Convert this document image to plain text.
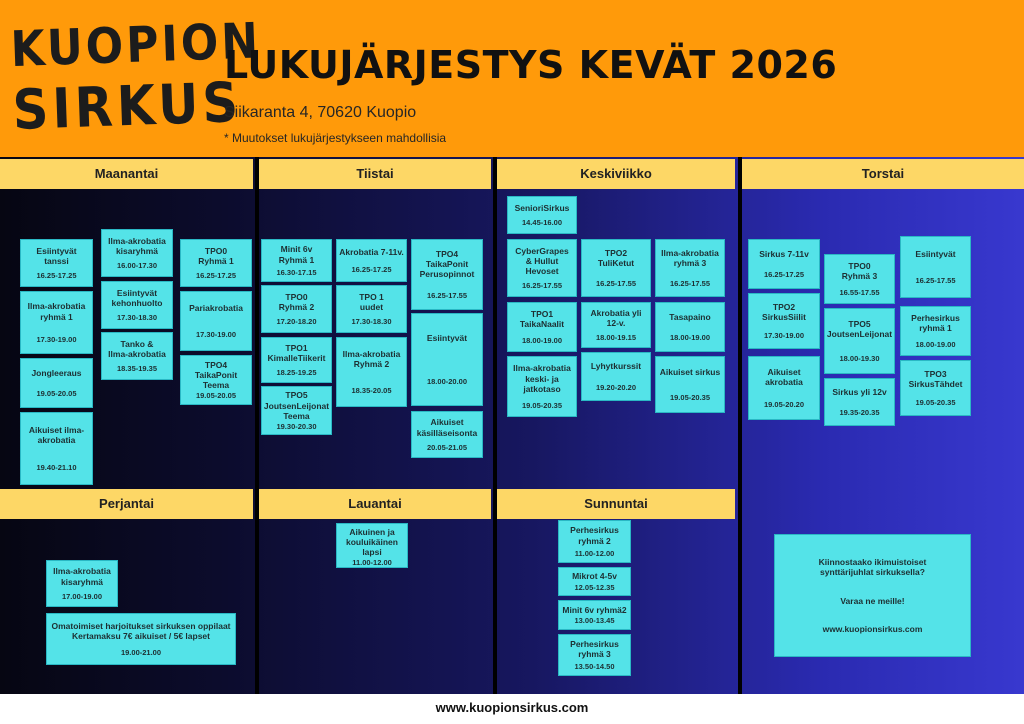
KUOPION
SIRKUS
LUKUJÄRJESTYS KEVÄT 2026
Siikaranta 4, 70620 Kuopio
* Muutokset lukujärjestykseen mahdollisia
Maanantai	Tiistai	Keskiviikko	Torstai
Perjantai	Lauantai	Sunnuntai
Esiintyvät
tanssi
16.25-17.25
Ilma-akrobatia
kisaryhmä
16.00-17.30
TPO0
Ryhmä 1
16.25-17.25
Ilma-akrobatia
ryhmä 1
17.30-19.00
Esiintyvät
kehonhuolto
17.30-18.30
Pariakrobatia
17.30-19.00
Tanko &
Ilma-akrobatia
18.35-19.35
Jongleeraus
19.05-20.05
TPO4
TaikaPonit
Teema
19.05-20.05
Aikuiset ilma-
akrobatia
19.40-21.10
Minit 6v
Ryhmä 1
16.30-17.15
Akrobatia 7-11v.
16.25-17.25
TPO4
TaikaPonit
Perusopinnot
16.25-17.55
TPO0
Ryhmä 2
17.20-18.20
TPO 1
uudet
17.30-18.30
Esiintyvät
18.00-20.00
TPO1
KimalleTiikerit
18.25-19.25
Ilma-akrobatia
Ryhmä 2
18.35-20.05
TPO5
JoutsenLeijonat
Teema
19.30-20.30	Aikuiset
käsilläseisonta
20.05-21.05
SenioriSirkus
14.45-16.00
CyberGrapes
& Hullut
Hevoset
16.25-17.55
TPO2
TuliKetut
16.25-17.55
Ilma-akrobatia
ryhmä 3
16.25-17.55
TPO1
TaikaNaalit
18.00-19.00
Akrobatia yli
12-v.
18.00-19.15
Tasapaino
18.00-19.00
Ilma-akrobatia
keski- ja
jatkotaso
19.05-20.35
Lyhytkurssit
19.20-20.20
Aikuiset sirkus
19.05-20.35
Sirkus 7-11v
16.25-17.25
TPO0
Ryhmä 3
16.55-17.55
Esiintyvät
16.25-17.55
TPO2
SirkusSiilit
17.30-19.00
TPO5
JoutsenLeijonat
18.00-19.30
Perhesirkus
ryhmä 1
18.00-19.00
Aikuiset
akrobatia
19.05-20.20
Sirkus yli 12v
19.35-20.35
TPO3
SirkusTähdet
19.05-20.35
Ilma-akrobatia
kisaryhmä
17.00-19.00
Omatoimiset harjoitukset sirkuksen oppilaat
Kertamaksu 7€ aikuiset / 5€ lapset
19.00-21.00
Aikuinen ja
kouluikäinen lapsi
11.00-12.00
Perhesirkus
ryhmä 2
11.00-12.00
Mikrot 4-5v
12.05-12.35
Minit 6v ryhmä2
13.00-13.45
Perhesirkus
ryhmä 3
13.50-14.50
Kiinnostaako ikimuistoiset
synttärijuhlat sirkuksella?
Varaa ne meille!
www.kuopionsirkus.com
www.kuopionsirkus.com
